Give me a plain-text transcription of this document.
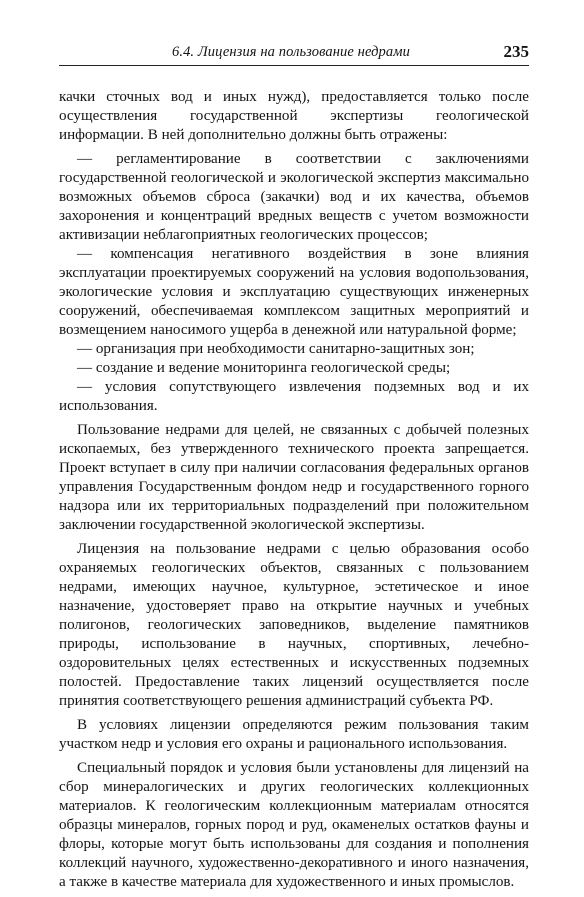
6.4. Лицензия на пользование недрами	235

качки сточных вод и иных нужд), предоставляется только после осуществления государственной экспертизы геологической информации. В ней дополнительно должны быть отражены:

— регламентирование в соответствии с заключениями государственной геологической и экологической экспертиз максимально возможных объемов сброса (закачки) вод и их качества, объемов захоронения и концентраций вредных веществ с учетом возможности активизации неблагоприятных геологических процессов;

— компенсация негативного воздействия в зоне влияния эксплуатации проектируемых сооружений на условия водопользования, экологические условия и эксплуатацию существующих инженерных сооружений, обеспечиваемая комплексом защитных мероприятий и возмещением наносимого ущерба в денежной или натуральной форме;

— организация при необходимости санитарно-защитных зон;

— создание и ведение мониторинга геологической среды;

— условия сопутствующего извлечения подземных вод и их использования.

Пользование недрами для целей, не связанных с добычей полезных ископаемых, без утвержденного технического проекта запрещается. Проект вступает в силу при наличии согласования федеральных органов управления Государственным фондом недр и государственного горного надзора или их территориальных подразделений при положительном заключении государственной экологической экспертизы.

Лицензия на пользование недрами с целью образования особо охраняемых геологических объектов, связанных с пользованием недрами, имеющих научное, культурное, эстетическое и иное назначение, удостоверяет право на открытие научных и учебных полигонов, геологических заповедников, выделение памятников природы, использование в научных, спортивных, лечебно-оздоровительных целях естественных и искусственных подземных полостей. Предоставление таких лицензий осуществляется после принятия соответствующего решения администраций субъекта РФ.

В условиях лицензии определяются режим пользования таким участком недр и условия его охраны и рационального использования.

Специальный порядок и условия были установлены для лицензий на сбор минералогических и других геологических коллекционных материалов. К геологическим коллекционным материалам относятся образцы минералов, горных пород и руд, окаменелых остатков фауны и флоры, которые могут быть использованы для создания и пополнения коллекций научного, художественно-декоративного и иного назначения, а также в качестве материала для художественного и иных промыслов.
